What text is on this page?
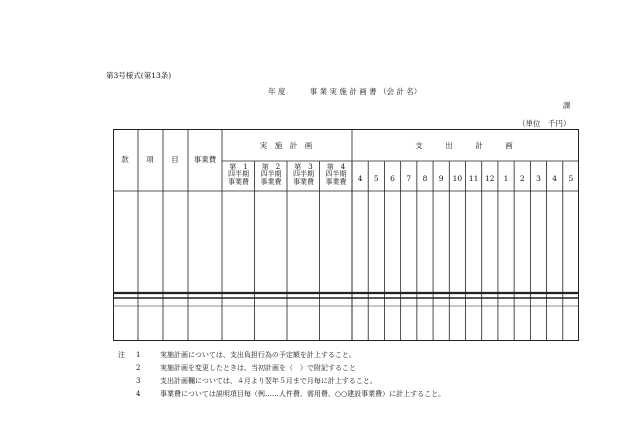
第3号様式(第13条)
年 度	事 業 実 施 計 画 書 （会 計 名）
課
（単位　千円）
款	項	目	事業費
実　施　計　画	支　　　出　　　計　　　画
第　1
四半期
事業費
第　2
四半期
事業費
第　3
四半期
事業費
第　4
四半期
事業費	4	5	6	7	8	9	10 11 12	1	2	3	4	5
注	1	実施計画については、支出負担行為の予定額を計上すること。
2	実施計画を変更したときは、当初計画を（　）で附記すること
3	支出計画欄については、４月より翌年５月まで月毎に計上すること。
4	事業費については説明項目毎（例……人件費、需用費、○○建設事業費）に計上すること。
